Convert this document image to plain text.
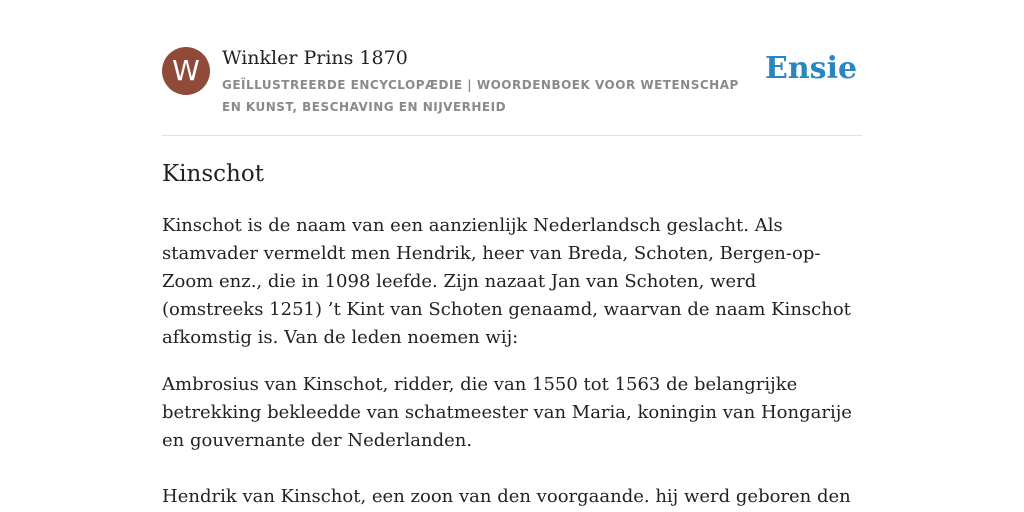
W	Winkler Prins 1870

GEÏLLUSTREERDE ENCYCLOPÆDIE | WOORDENBOEK VOOR WETENSCHAP EN KUNST, BESCHAVING EN NIJVERHEID

Ensie
Kinschot

Kinschot is de naam van een aanzienlijk Nederlandsch geslacht. Als stamvader vermeldt men Hendrik, heer van Breda, Schoten, Bergen-op-Zoom enz., die in 1098 leefde. Zijn nazaat Jan van Schoten, werd (omstreeks 1251) ’t Kint van Schoten genaamd, waarvan de naam Kinschot afkomstig is. Van de leden noemen wij:

Ambrosius van Kinschot, ridder, die van 1550 tot 1563 de belangrijke betrekking bekleedde van schatmeester van Maria, koningin van Hongarije en gouvernante der Nederlanden.

Hendrik van Kinschot, een zoon van den voorgaande. hij werd geboren den
